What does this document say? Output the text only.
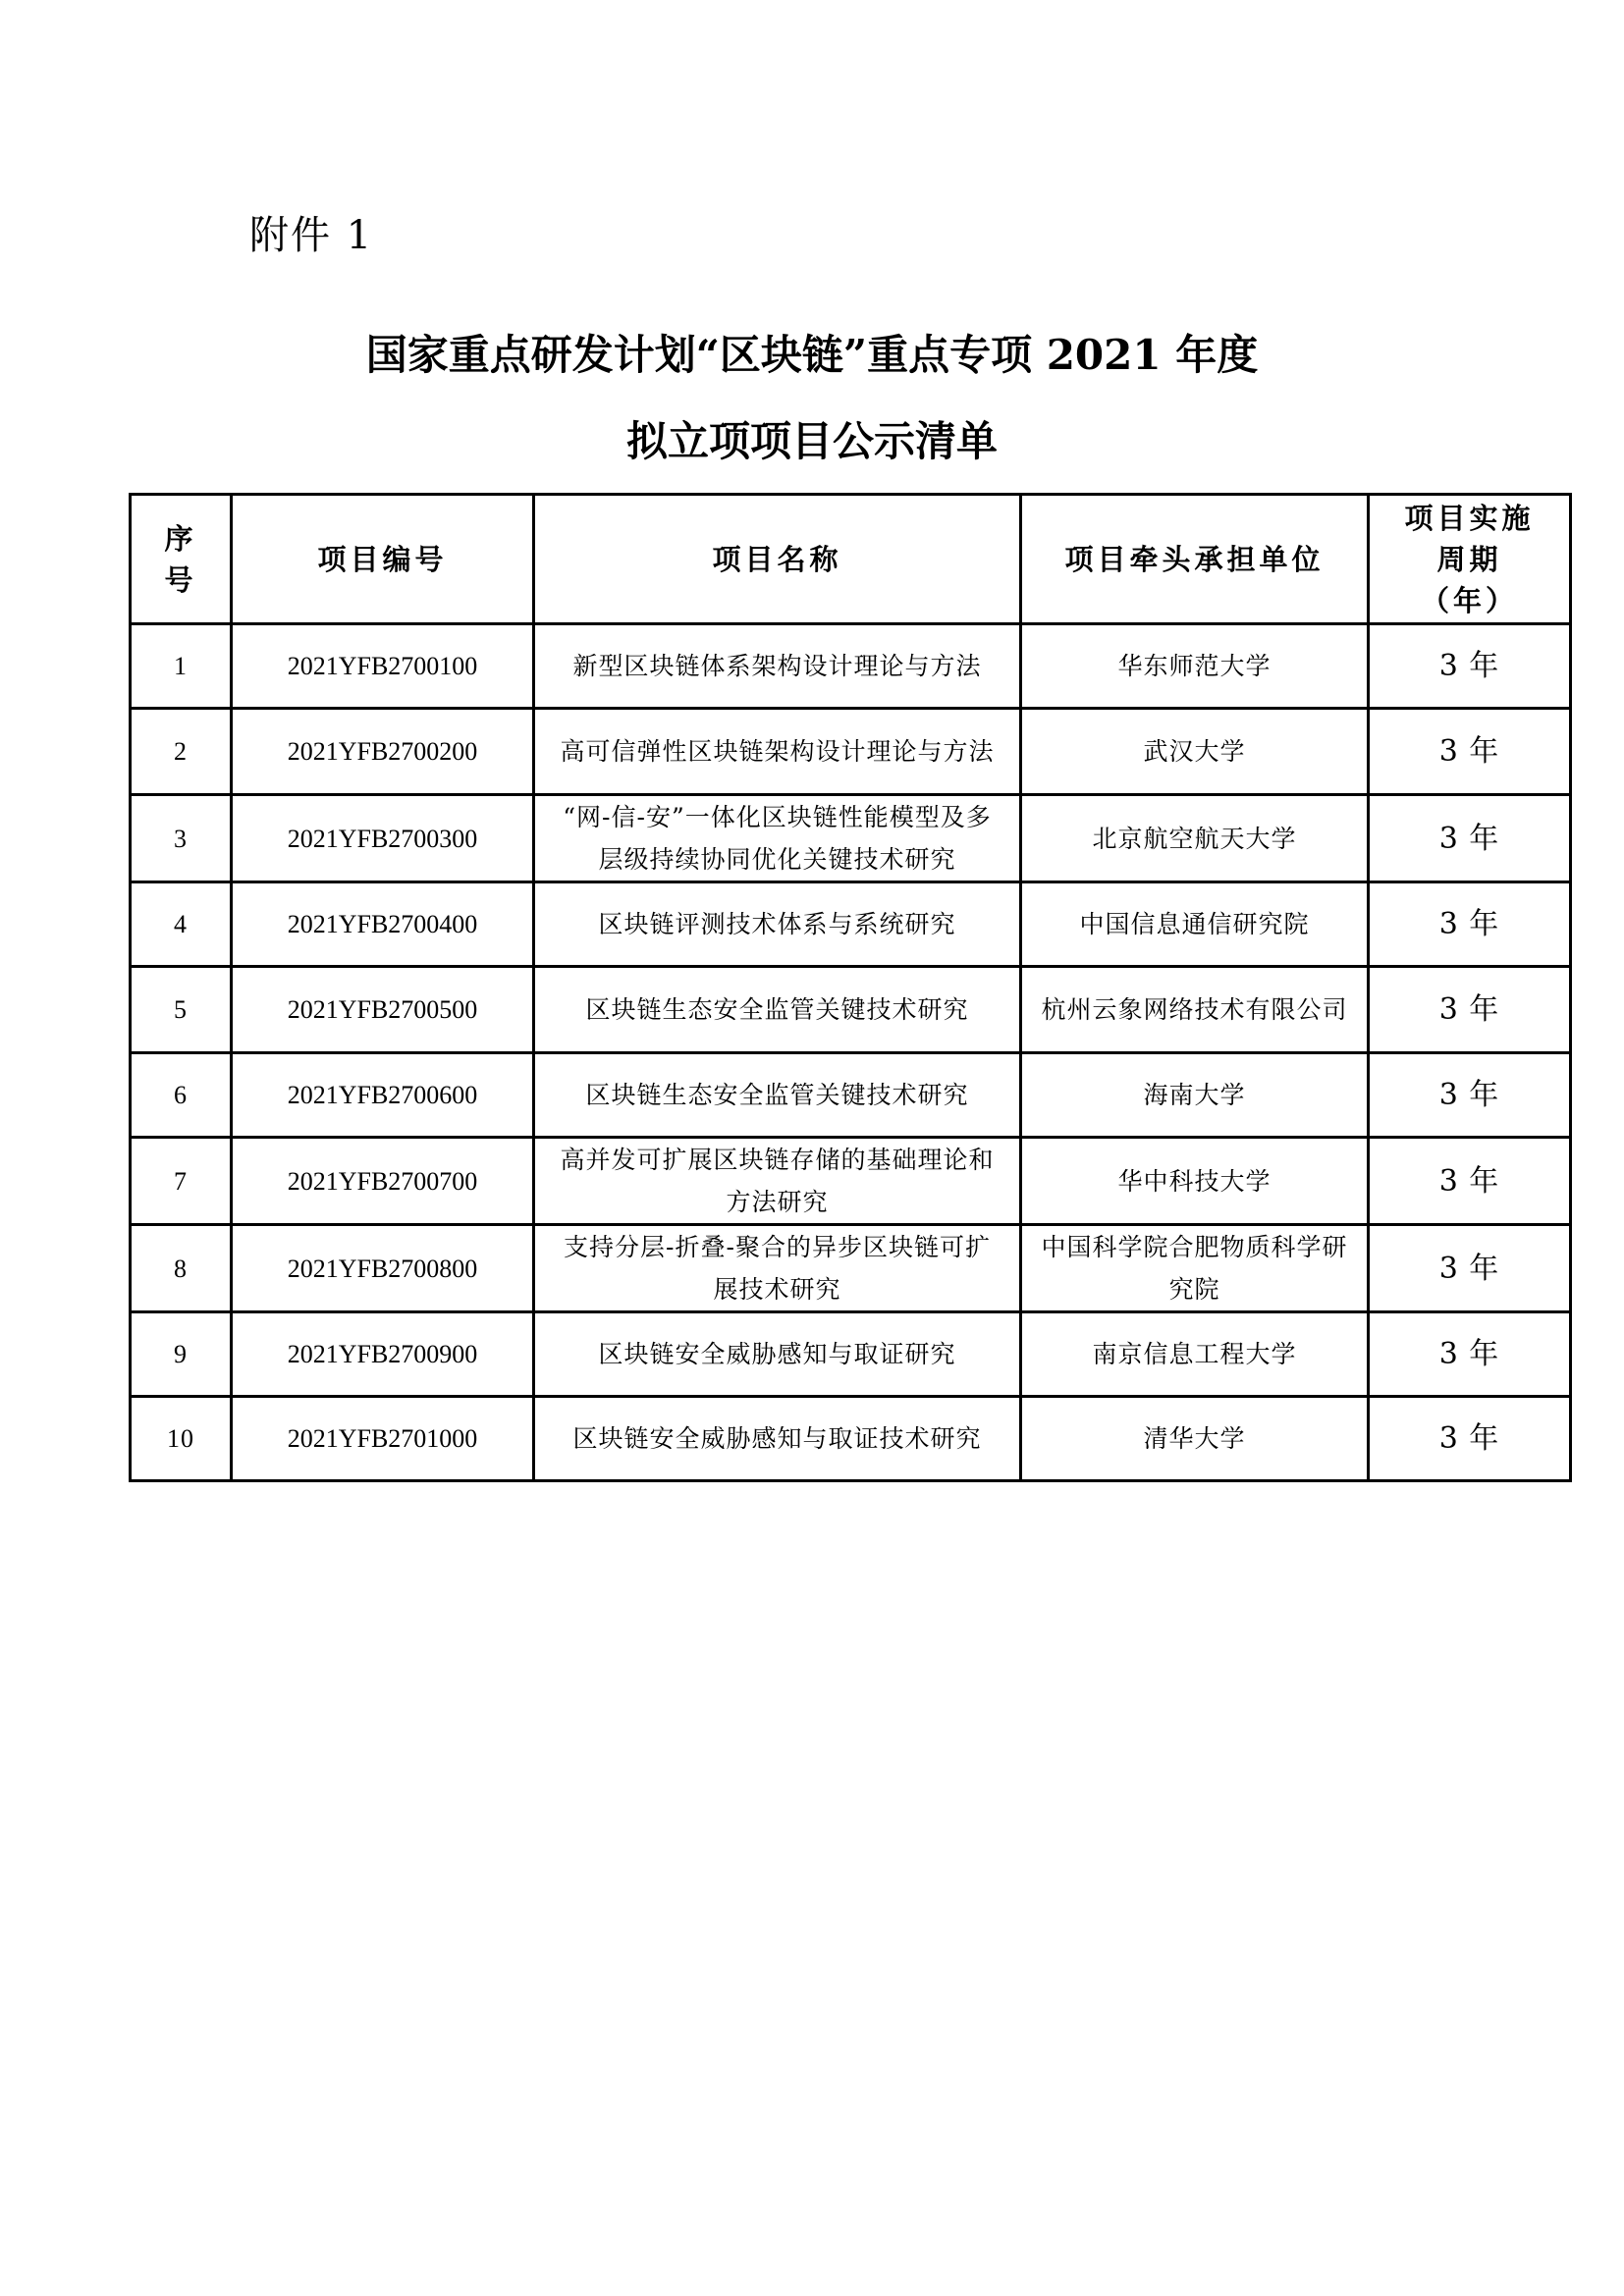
附件 1
国家重点研发计划“区块链”重点专项 2021 年度
拟立项项目公示清单
序号	项目编号	项目名称	项目牵头承担单位	项目实施
周期
（年）

1	2021YFB2700100	新型区块链体系架构设计理论与方法	华东师范大学	3 年
2	2021YFB2700200	高可信弹性区块链架构设计理论与方法	武汉大学	3 年
3	2021YFB2700300	“网-信-安”一体化区块链性能模型及多层级持续协同优化关键技术研究	北京航空航天大学	3 年
4	2021YFB2700400	区块链评测技术体系与系统研究	中国信息通信研究院	3 年
5	2021YFB2700500	区块链生态安全监管关键技术研究	杭州云象网络技术有限公司	3 年
6	2021YFB2700600	区块链生态安全监管关键技术研究	海南大学	3 年
7	2021YFB2700700	高并发可扩展区块链存储的基础理论和方法研究	华中科技大学	3 年
8	2021YFB2700800	支持分层-折叠-聚合的异步区块链可扩展技术研究	中国科学院合肥物质科学研究院	3 年
9	2021YFB2700900	区块链安全威胁感知与取证研究	南京信息工程大学	3 年
10	2021YFB2701000	区块链安全威胁感知与取证技术研究	清华大学	3 年
